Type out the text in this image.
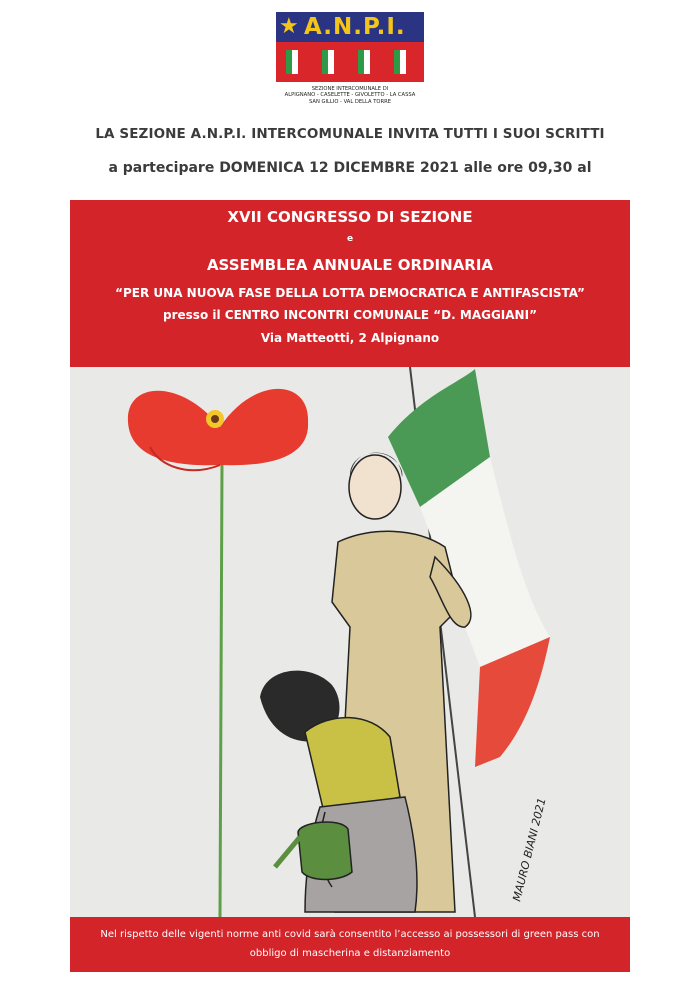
★ A.N.P.I.
SEZIONE INTERCOMUNALE DI
ALPIGNANO - CASELETTE - GIVOLETTO - LA CASSA
SAN GILLIO - VAL DELLA TORRE
LA SEZIONE A.N.P.I. INTERCOMUNALE INVITA TUTTI I SUOI SCRITTI
a partecipare DOMENICA 12 DICEMBRE 2021 alle ore 09,30 al
XVII CONGRESSO DI SEZIONE
e
ASSEMBLEA ANNUALE ORDINARIA
“PER UNA NUOVA FASE DELLA LOTTA DEMOCRATICA E ANTIFASCISTA”
presso il CENTRO INCONTRI COMUNALE “D. MAGGIANI”
Via Matteotti, 2 Alpignano
MAURO BIANI 2021
Nel rispetto delle vigenti norme anti covid sarà consentito l’accesso ai possessori di green pass con obbligo di mascherina e distanziamento
